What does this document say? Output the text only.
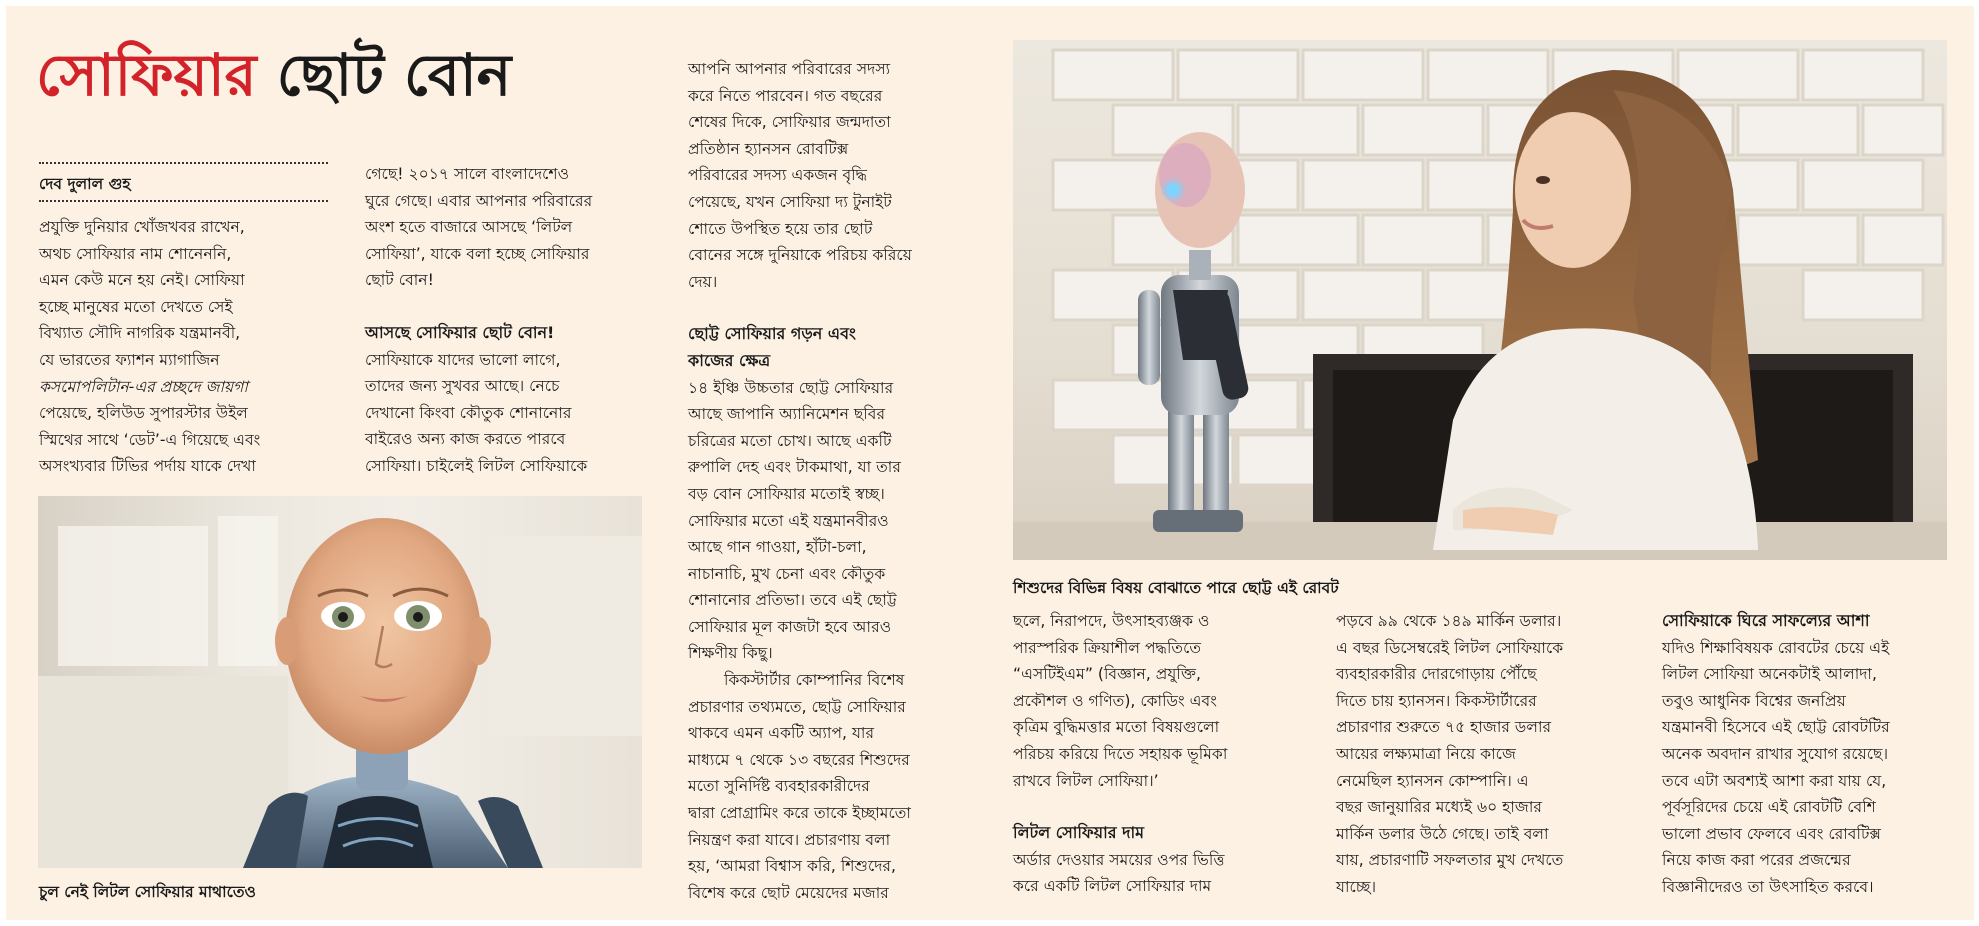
সোফিয়ার ছোট বোন
দেব দুলাল গুহ

প্রযুক্তি দুনিয়ার খোঁজখবর রাখেন,

অথচ সোফিয়ার নাম শোনেননি,

এমন কেউ মনে হয় নেই। সোফিয়া

হচ্ছে মানুষের মতো দেখতে সেই

বিখ্যাত সৌদি নাগরিক যন্ত্রমানবী,

যে ভারতের ফ্যাশন ম্যাগাজিন

কসমোপলিটান-এর প্রচ্ছদে জায়গা

পেয়েছে, হলিউড সুপারস্টার উইল

স্মিথের সাথে ‘ডেট’-এ গিয়েছে এবং

অসংখ্যবার টিভির পর্দায় যাকে দেখা

গেছে! ২০১৭ সালে বাংলাদেশেও

ঘুরে গেছে। এবার আপনার পরিবারের

অংশ হতে বাজারে আসছে ‘লিটল

সোফিয়া’, যাকে বলা হচ্ছে সোফিয়ার

ছোট বোন!

আসছে সোফিয়ার ছোট বোন!

সোফিয়াকে যাদের ভালো লাগে,

তাদের জন্য সুখবর আছে। নেচে

দেখানো কিংবা কৌতুক শোনানোর

বাইরেও অন্য কাজ করতে পারবে

সোফিয়া। চাইলেই লিটল সোফিয়াকে

চুল নেই লিটল সোফিয়ার মাথাতেও

আপনি আপনার পরিবারের সদস্য

করে নিতে পারবেন। গত বছরের

শেষের দিকে, সোফিয়ার জন্মদাতা

প্রতিষ্ঠান হ্যানসন রোবটিক্স

পরিবারের সদস্য একজন বৃদ্ধি

পেয়েছে, যখন সোফিয়া দ্য টুনাইট

শোতে উপস্থিত হয়ে তার ছোট

বোনের সঙ্গে দুনিয়াকে পরিচয় করিয়ে

দেয়।

ছোট্ট সোফিয়ার গড়ন এবং

কাজের ক্ষেত্র

১৪ ইঞ্চি উচ্চতার ছোট্ট সোফিয়ার

আছে জাপানি অ্যানিমেশন ছবির

চরিত্রের মতো চোখ। আছে একটি

রুপালি দেহ এবং টাকমাথা, যা তার

বড় বোন সোফিয়ার মতোই স্বচ্ছ।

সোফিয়ার মতো এই যন্ত্রমানবীরও

আছে গান গাওয়া, হাঁটা-চলা,

নাচানাচি, মুখ চেনা এবং কৌতুক

শোনানোর প্রতিভা। তবে এই ছোট্ট

সোফিয়ার মূল কাজটা হবে আরও

শিক্ষণীয় কিছু।

কিকস্টার্টার কোম্পানির বিশেষ

প্রচারণার তথ্যমতে, ছোট্ট সোফিয়ার

থাকবে এমন একটি অ্যাপ, যার

মাধ্যমে ৭ থেকে ১৩ বছরের শিশুদের

মতো সুনির্দিষ্ট ব্যবহারকারীদের

দ্বারা প্রোগ্রামিং করে তাকে ইচ্ছামতো

নিয়ন্ত্রণ করা যাবে। প্রচারণায় বলা

হয়, ‘আমরা বিশ্বাস করি, শিশুদের,

বিশেষ করে ছোট মেয়েদের মজার

শিশুদের বিভিন্ন বিষয় বোঝাতে পারে ছোট্ট এই রোবট

ছলে, নিরাপদে, উৎসাহব্যঞ্জক ও

পারস্পরিক ক্রিয়াশীল পদ্ধতিতে

“এসটিইএম” (বিজ্ঞান, প্রযুক্তি,

প্রকৌশল ও গণিত), কোডিং এবং

কৃত্রিম বুদ্ধিমত্তার মতো বিষয়গুলো

পরিচয় করিয়ে দিতে সহায়ক ভূমিকা

রাখবে লিটল সোফিয়া।’

লিটল সোফিয়ার দাম

অর্ডার দেওয়ার সময়ের ওপর ভিত্তি

করে একটি লিটল সোফিয়ার দাম

পড়বে ৯৯ থেকে ১৪৯ মার্কিন ডলার।

এ বছর ডিসেম্বরেই লিটল সোফিয়াকে

ব্যবহারকারীর দোরগোড়ায় পৌঁছে

দিতে চায় হ্যানসন। কিকস্টার্টারের

প্রচারণার শুরুতে ৭৫ হাজার ডলার

আয়ের লক্ষ্যমাত্রা নিয়ে কাজে

নেমেছিল হ্যানসন কোম্পানি। এ

বছর জানুয়ারির মধ্যেই ৬০ হাজার

মার্কিন ডলার উঠে গেছে। তাই বলা

যায়, প্রচারণাটি সফলতার মুখ দেখতে

যাচ্ছে।

সোফিয়াকে ঘিরে সাফল্যের আশা

যদিও শিক্ষাবিষয়ক রোবটের চেয়ে এই

লিটল সোফিয়া অনেকটাই আলাদা,

তবুও আধুনিক বিশ্বের জনপ্রিয়

যন্ত্রমানবী হিসেবে এই ছোট্ট রোবটটির

অনেক অবদান রাখার সুযোগ রয়েছে।

তবে এটা অবশ্যই আশা করা যায় যে,

পূর্বসূরিদের চেয়ে এই রোবটটি বেশি

ভালো প্রভাব ফেলবে এবং রোবটিক্স

নিয়ে কাজ করা পরের প্রজন্মের

বিজ্ঞানীদেরও তা উৎসাহিত করবে।
